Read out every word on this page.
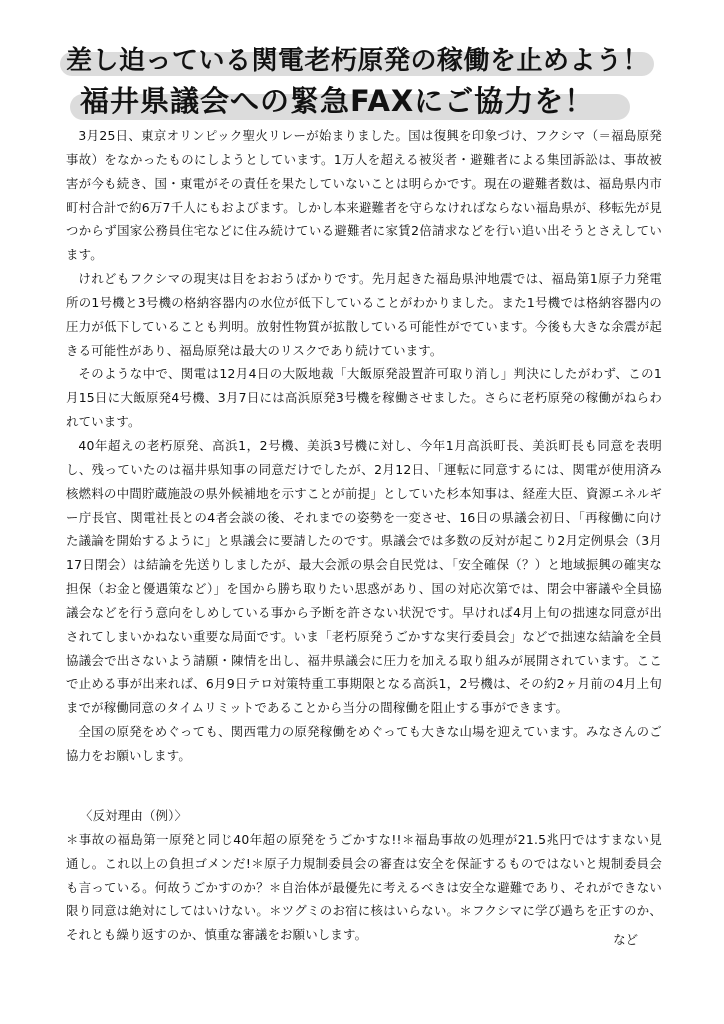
差し迫っている関電老朽原発の稼働を止めよう！
福井県議会への緊急FAXにご協力を！

3月25日、東京オリンピック聖火リレーが始まりました。国は復興を印象づけ、フクシマ（＝福島原発事故）をなかったものにしようとしています。1万人を超える被災者・避難者による集団訴訟は、事故被害が今も続き、国・東電がその責任を果たしていないことは明らかです。現在の避難者数は、福島県内市町村合計で約6万7千人にもおよびます。しかし本来避難者を守らなければならない福島県が、移転先が見つからず国家公務員住宅などに住み続けている避難者に家賃2倍請求などを行い追い出そうとさえしています。

けれどもフクシマの現実は目をおおうばかりです。先月起きた福島県沖地震では、福島第1原子力発電所の1号機と3号機の格納容器内の水位が低下していることがわかりました。また1号機では格納容器内の圧力が低下していることも判明。放射性物質が拡散している可能性がでています。今後も大きな余震が起きる可能性があり、福島原発は最大のリスクであり続けています。

そのような中で、関電は12月4日の大阪地裁「大飯原発設置許可取り消し」判決にしたがわず、この1月15日に大飯原発4号機、3月7日には高浜原発3号機を稼働させました。さらに老朽原発の稼働がねらわれています。

40年超えの老朽原発、高浜1，2号機、美浜3号機に対し、今年1月高浜町長、美浜町長も同意を表明し、残っていたのは福井県知事の同意だけでしたが、2月12日、「運転に同意するには、関電が使用済み核燃料の中間貯蔵施設の県外候補地を示すことが前提」としていた杉本知事は、経産大臣、資源エネルギー庁長官、関電社長との4者会談の後、それまでの姿勢を一変させ、16日の県議会初日、「再稼働に向けた議論を開始するように」と県議会に要請したのです。県議会では多数の反対が起こり2月定例県会（3月17日閉会）は結論を先送りしましたが、最大会派の県会自民党は、「安全確保（？）と地域振興の確実な担保（お金と優遇策など）」を国から勝ち取りたい思惑があり、国の対応次第では、閉会中審議や全員協議会などを行う意向をしめしている事から予断を許さない状況です。早ければ4月上旬の拙速な同意が出されてしまいかねない重要な局面です。いま「老朽原発うごかすな実行委員会」などで拙速な結論を全員協議会で出さないよう請願・陳情を出し、福井県議会に圧力を加える取り組みが展開されています。ここで止める事が出来れば、6月9日テロ対策特重工事期限となる高浜1，2号機は、その約2ヶ月前の4月上旬までが稼働同意のタイムリミットであることから当分の間稼働を阻止する事ができます。

全国の原発をめぐっても、関西電力の原発稼働をめぐっても大きな山場を迎えています。みなさんのご協力をお願いします。

〈反対理由（例）〉

＊事故の福島第一原発と同じ40年超の原発をうごかすな!!＊福島事故の処理が21.5兆円ではすまない見通し。これ以上の負担ゴメンだ!＊原子力規制委員会の審査は安全を保証するものではないと規制委員会も言っている。何故うごかすのか？＊自治体が最優先に考えるべきは安全な避難であり、それができない限り同意は絶対にしてはいけない。＊ツグミのお宿に核はいらない。＊フクシマに学び過ちを正すのか、それとも繰り返すのか、慎重な審議をお願いします。	など
